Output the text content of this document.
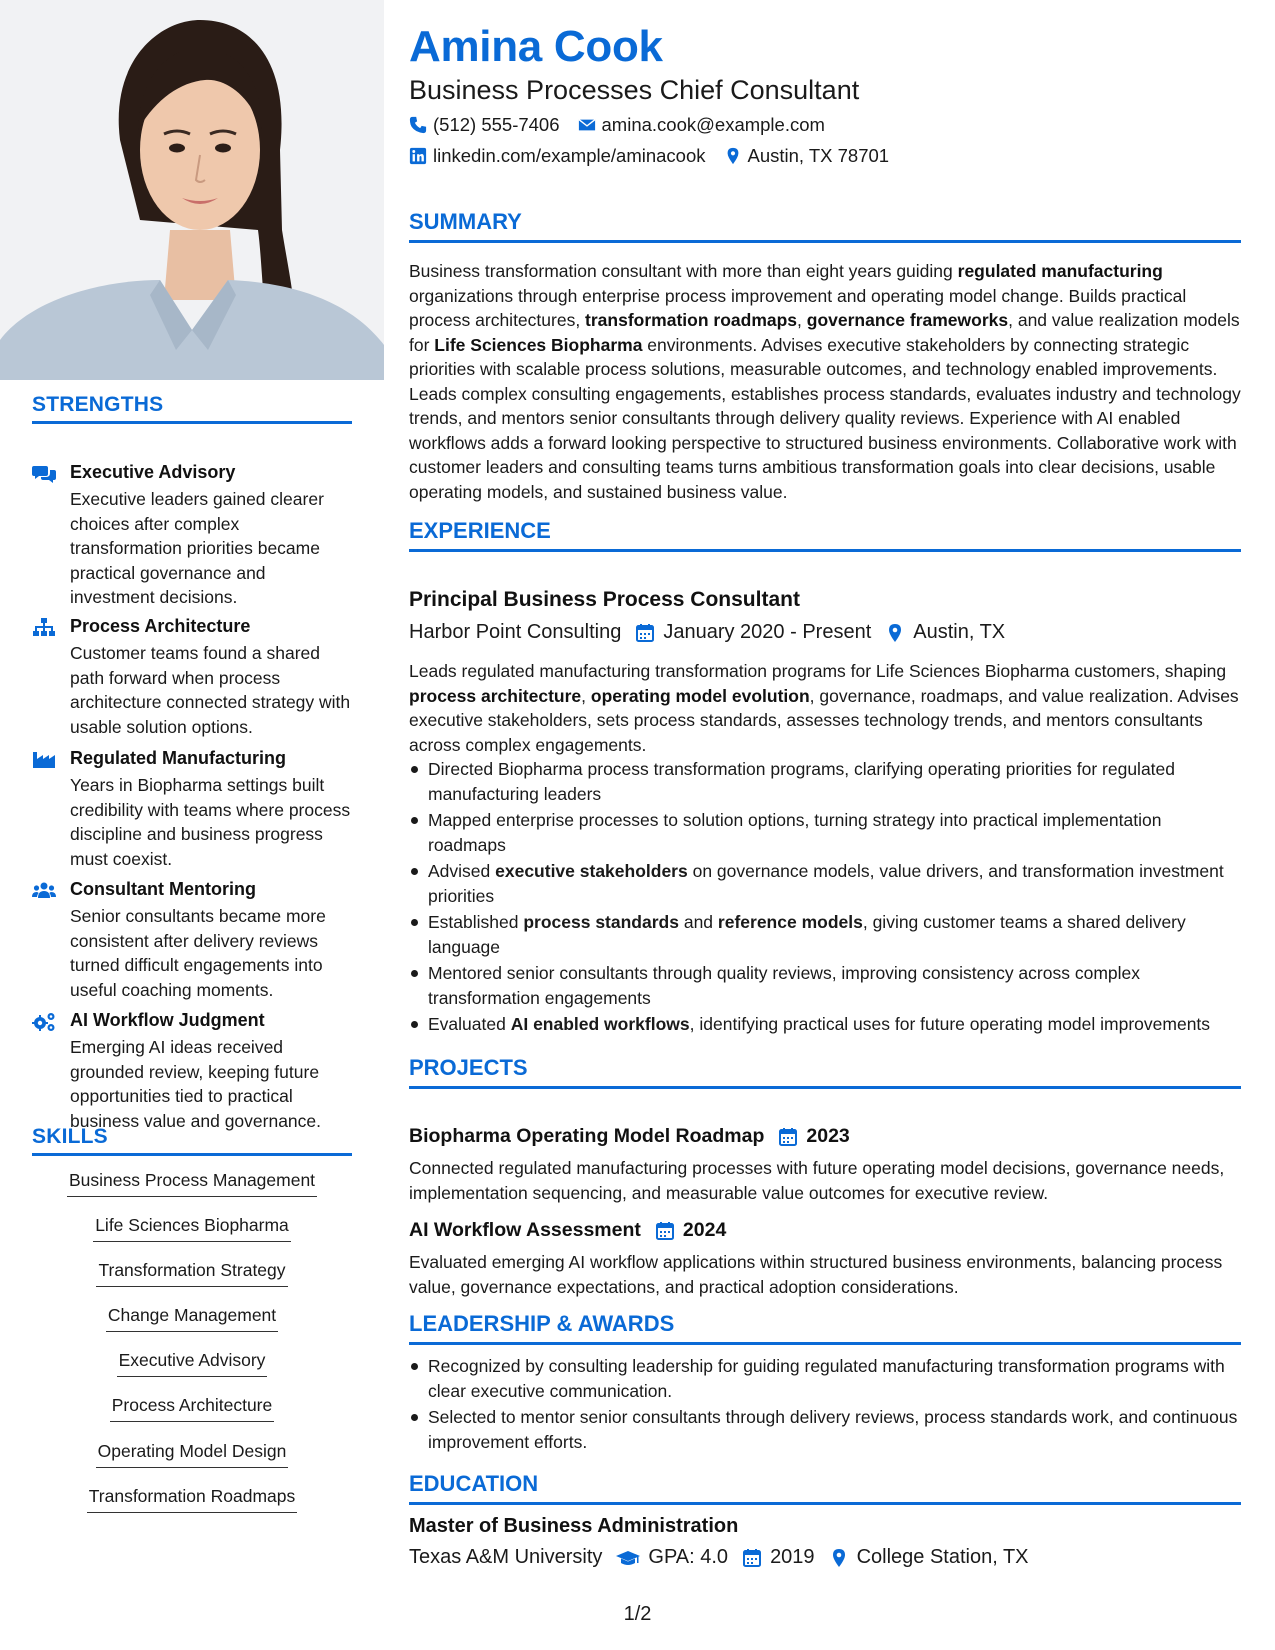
STRENGTHS
Executive Advisory
Executive leaders gained clearer choices after complex transformation priorities became practical governance and investment decisions.
Process Architecture
Customer teams found a shared path forward when process architecture connected strategy with usable solution options.
Regulated Manufacturing
Years in Biopharma settings built credibility with teams where process discipline and business progress must coexist.
Consultant Mentoring
Senior consultants became more consistent after delivery reviews turned difficult engagements into useful coaching moments.
AI Workflow Judgment
Emerging AI ideas received grounded review, keeping future opportunities tied to practical business value and governance.
SKILLS
Business Process Management
Life Sciences Biopharma
Transformation Strategy
Change Management
Executive Advisory
Process Architecture
Operating Model Design
Transformation Roadmaps
Amina Cook
Business Processes Chief Consultant
(512) 555-7406 amina.cook@example.com
linkedin.com/example/aminacook Austin, TX 78701
SUMMARY
Business transformation consultant with more than eight years guiding regulated manufacturing organizations through enterprise process improvement and operating model change. Builds practical process architectures, transformation roadmaps, governance frameworks, and value realization models for Life Sciences Biopharma environments. Advises executive stakeholders by connecting strategic priorities with scalable process solutions, measurable outcomes, and technology enabled improvements. Leads complex consulting engagements, establishes process standards, evaluates industry and technology trends, and mentors senior consultants through delivery quality reviews. Experience with AI enabled workflows adds a forward looking perspective to structured business environments. Collaborative work with customer leaders and consulting teams turns ambitious transformation goals into clear decisions, usable operating models, and sustained business value.
EXPERIENCE
Principal Business Process Consultant
Harbor Point Consulting January 2020 - Present Austin, TX
Leads regulated manufacturing transformation programs for Life Sciences Biopharma customers, shaping process architecture, operating model evolution, governance, roadmaps, and value realization. Advises executive stakeholders, sets process standards, assesses technology trends, and mentors consultants across complex engagements.
Directed Biopharma process transformation programs, clarifying operating priorities for regulated manufacturing leaders
Mapped enterprise processes to solution options, turning strategy into practical implementation roadmaps
Advised executive stakeholders on governance models, value drivers, and transformation investment priorities
Established process standards and reference models, giving customer teams a shared delivery language
Mentored senior consultants through quality reviews, improving consistency across complex transformation engagements
Evaluated AI enabled workflows, identifying practical uses for future operating model improvements
PROJECTS
Biopharma Operating Model Roadmap 2023
Connected regulated manufacturing processes with future operating model decisions, governance needs, implementation sequencing, and measurable value outcomes for executive review.
AI Workflow Assessment 2024
Evaluated emerging AI workflow applications within structured business environments, balancing process value, governance expectations, and practical adoption considerations.
LEADERSHIP & AWARDS
Recognized by consulting leadership for guiding regulated manufacturing transformation programs with clear executive communication.
Selected to mentor senior consultants through delivery reviews, process standards work, and continuous improvement efforts.
EDUCATION
Master of Business Administration
Texas A&M University GPA: 4.0 2019 College Station, TX
1/2
